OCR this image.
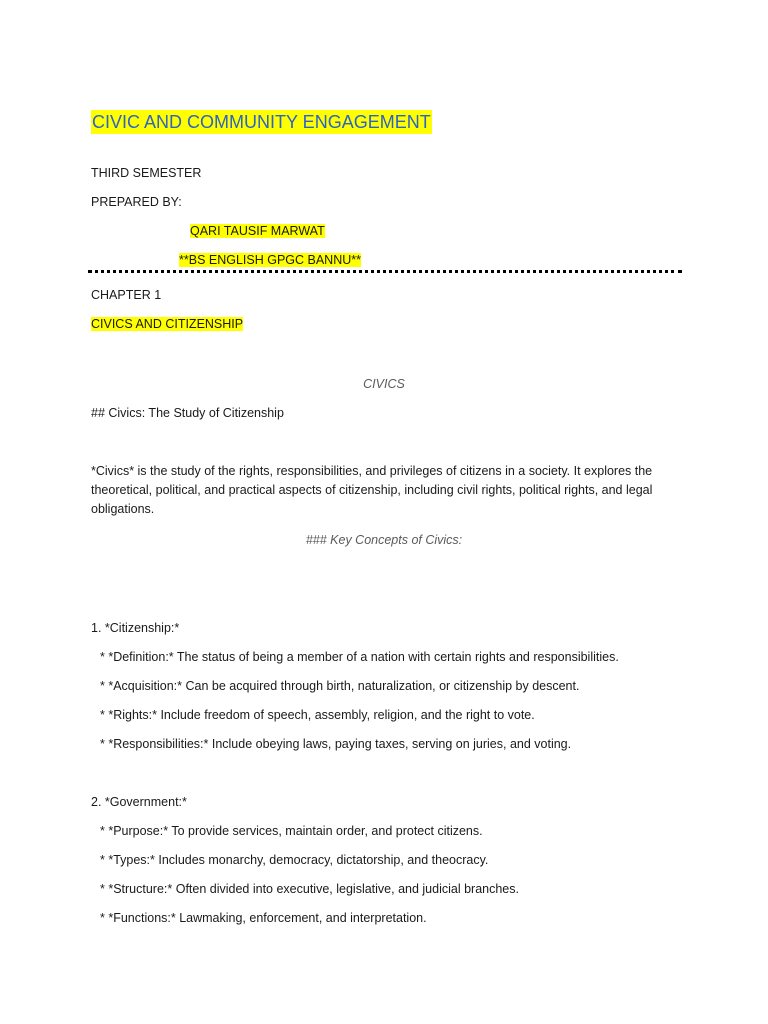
CIVIC AND COMMUNITY ENGAGEMENT
THIRD SEMESTER
PREPARED BY:
QARI TAUSIF MARWAT
**BS ENGLISH GPGC BANNU**
CHAPTER 1
CIVICS AND CITIZENSHIP
CIVICS
## Civics: The Study of Citizenship
*Civics* is the study of the rights, responsibilities, and privileges of citizens in a society. It explores the theoretical, political, and practical aspects of citizenship, including civil rights, political rights, and legal obligations.
### Key Concepts of Civics:
1. *Citizenship:*
* *Definition:* The status of being a member of a nation with certain rights and responsibilities.
* *Acquisition:* Can be acquired through birth, naturalization, or citizenship by descent.
* *Rights:* Include freedom of speech, assembly, religion, and the right to vote.
* *Responsibilities:* Include obeying laws, paying taxes, serving on juries, and voting.
2. *Government:*
* *Purpose:* To provide services, maintain order, and protect citizens.
* *Types:* Includes monarchy, democracy, dictatorship, and theocracy.
* *Structure:* Often divided into executive, legislative, and judicial branches.
* *Functions:* Lawmaking, enforcement, and interpretation.
